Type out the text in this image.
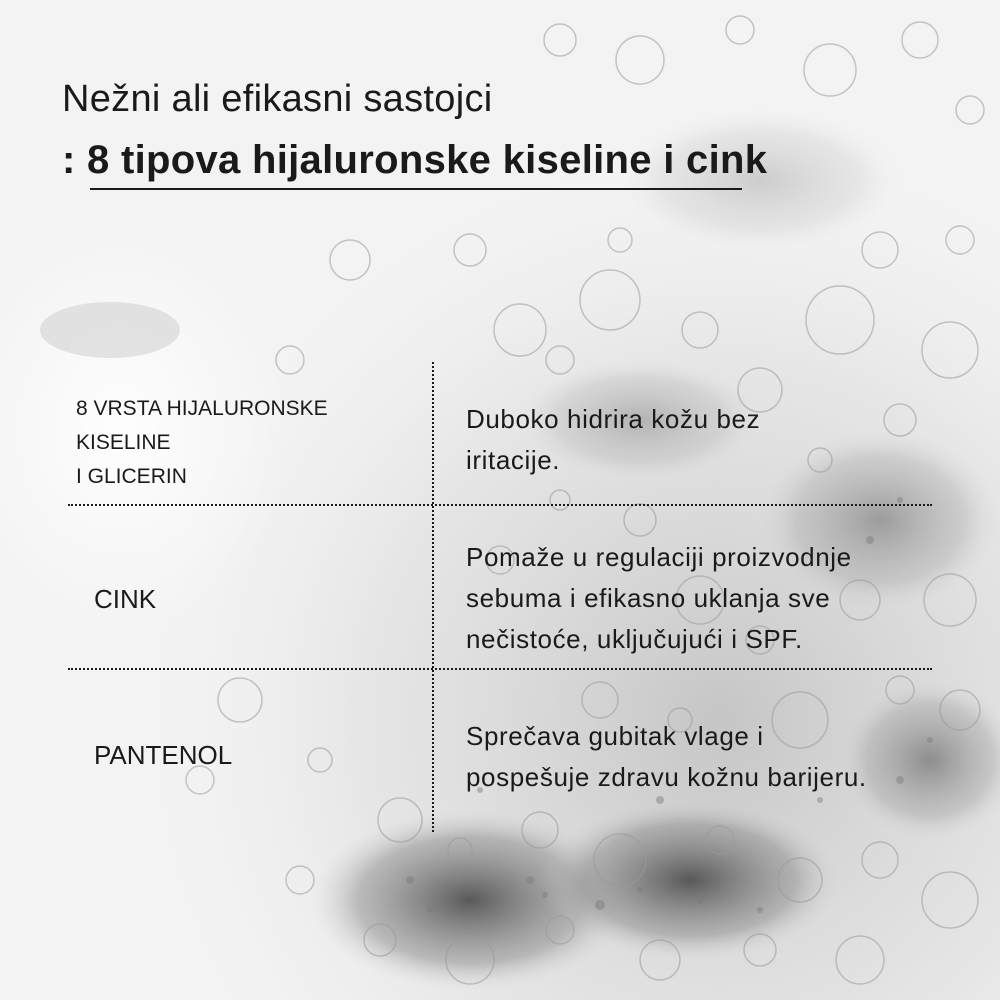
Nežni ali efikasni sastojci
: 8 tipova hijaluronske kiseline i cink
8 VRSTA HIJALURONSKE
KISELINE
I GLICERIN
Duboko hidrira kožu bez
iritacije.
CINK
Pomaže u regulaciji proizvodnje
sebuma i efikasno uklanja sve
nečistoće, uključujući i SPF.
PANTENOL
Sprečava gubitak vlage i
pospešuje zdravu kožnu barijeru.
